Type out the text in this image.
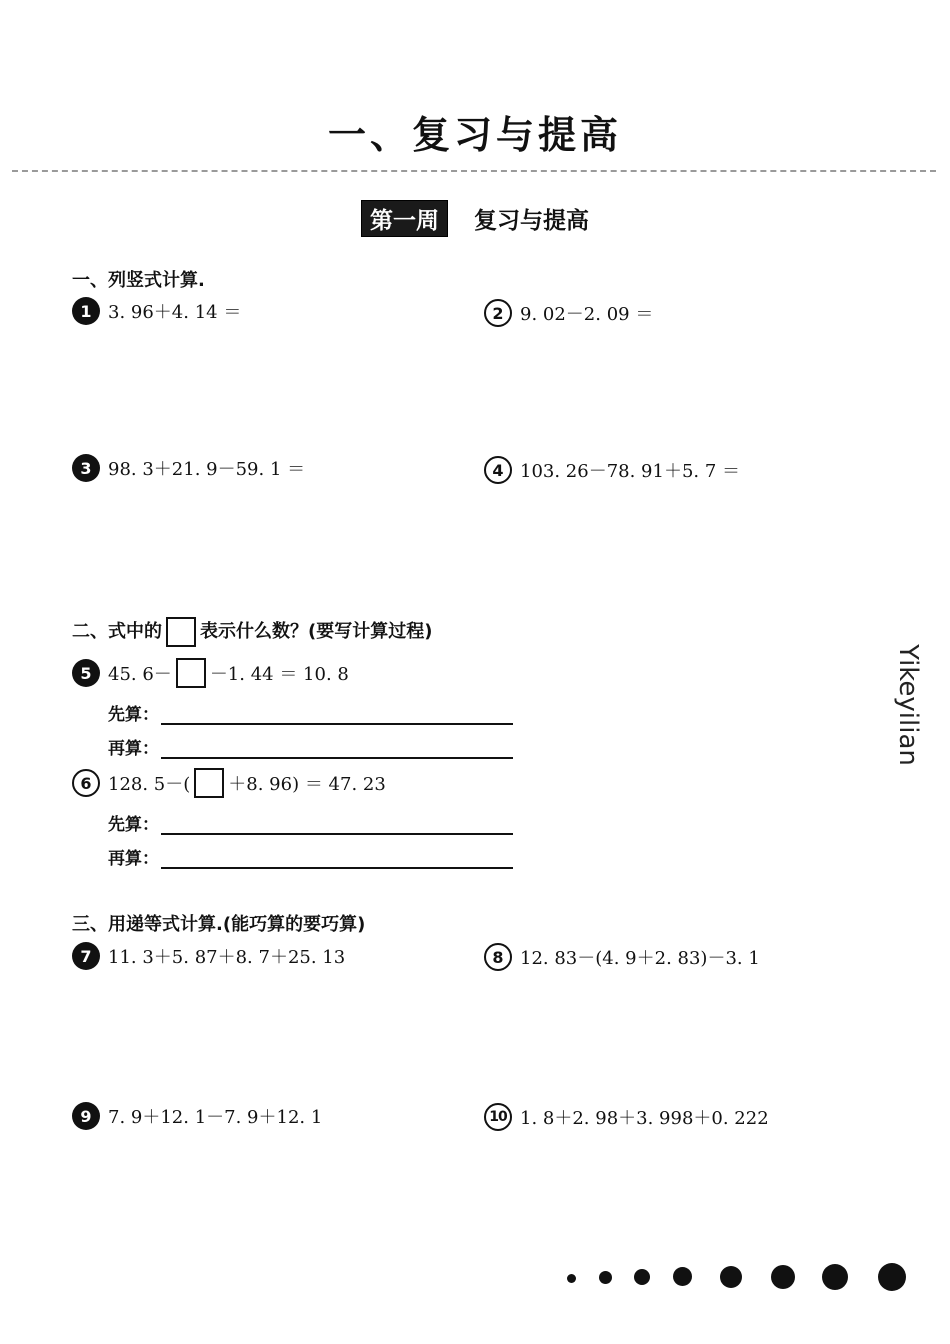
一、复习与提高
第一周 复习与提高
一、列竖式计算.
1 3. 96＋4. 14 ＝	2 9. 02－2. 09 ＝
3 98. 3＋21. 9－59. 1 ＝	4 103. 26－78. 91＋5. 7 ＝
二、式中的 表示什么数？(要写计算过程)
5 45. 6－ －1. 44 ＝ 10. 8
先算：
再算：
6 128. 5－( ＋8. 96) ＝ 47. 23
先算：
再算：
三、用递等式计算.(能巧算的要巧算)
7 11. 3＋5. 87＋8. 7＋25. 13	8 12. 83－(4. 9＋2. 83)－3. 1
9 7. 9＋12. 1－7. 9＋12. 1	10 1. 8＋2. 98＋3. 998＋0. 222
Yikeyilian
